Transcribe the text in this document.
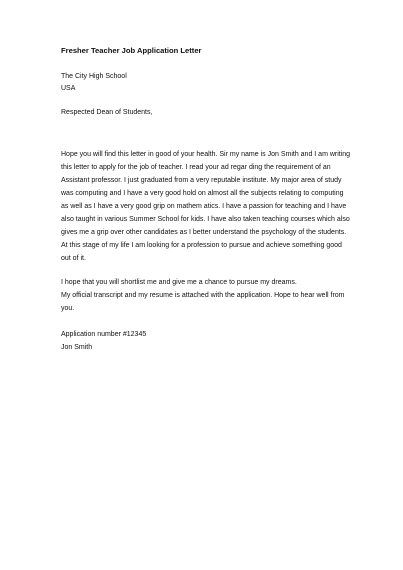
Fresher Teacher Job Application Letter
The City High School
USA
Respected Dean of Students,
Hope you will find this letter in good of your health. Sir my name is Jon Smith and I am writing
this letter to apply for the job of teacher. I read your ad regar ding the requirement of an
Assistant professor. I just graduated from a very reputable institute. My major area of study
was computing and I have a very good hold on almost all the subjects relating to computing
as well as I have a very good grip on mathem atics. I have a passion for teaching and I have
also taught in various Summer School for kids. I have also taken teaching courses which also
gives me a grip over other candidates as I better understand the psychology of the students.
At this stage of my life I am looking for a profession to pursue and achieve something good
out of it.
I hope that you will shortlist me and give me a chance to pursue my dreams.
My official transcript and my resume is attached with the application. Hope to hear well from
you.
Application number #12345
Jon Smith
